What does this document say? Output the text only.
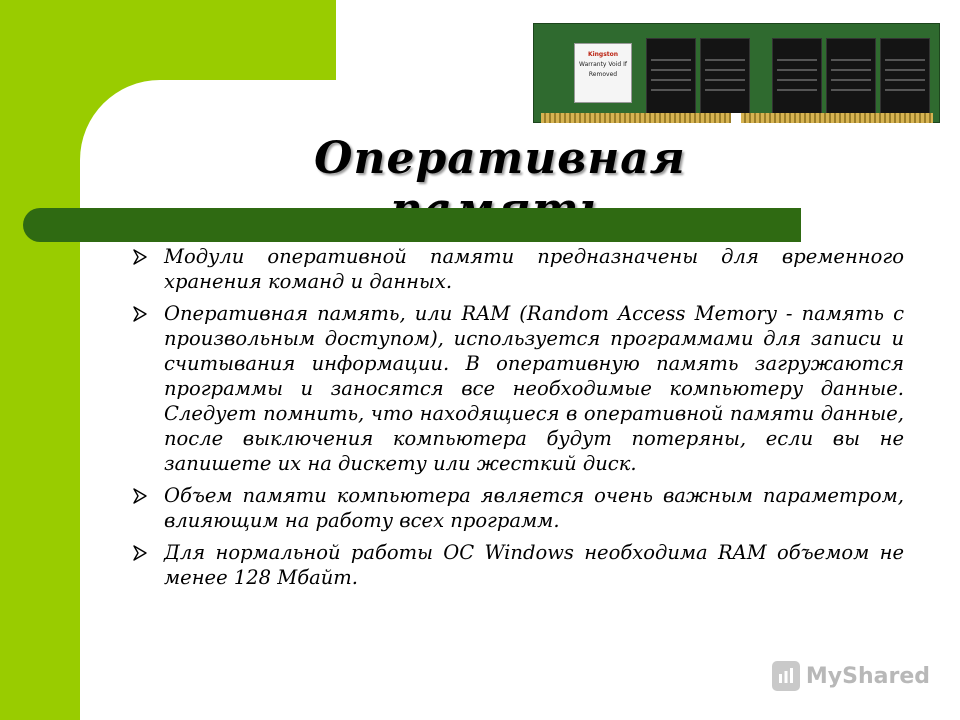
Kingston
Warranty Void If Removed
Оперативная
Модули оперативной памяти предназначены для временного хранения команд и данных.
Оперативная память, или RAM (Random Access Memory - память с произвольным доступом), используется программами для записи и считывания информации. В оперативную память загружаются программы и заносятся все необходимые компьютеру данные. Следует помнить, что находящиеся в оперативной памяти данные, после выключения компьютера будут потеряны, если вы не запишете их на дискету или жесткий диск.
Объем памяти компьютера является очень важным параметром, влияющим на работу всех программ.
Для нормальной работы ОС Windows необходима RAM объемом не менее 128 Мбайт.
MyShared
